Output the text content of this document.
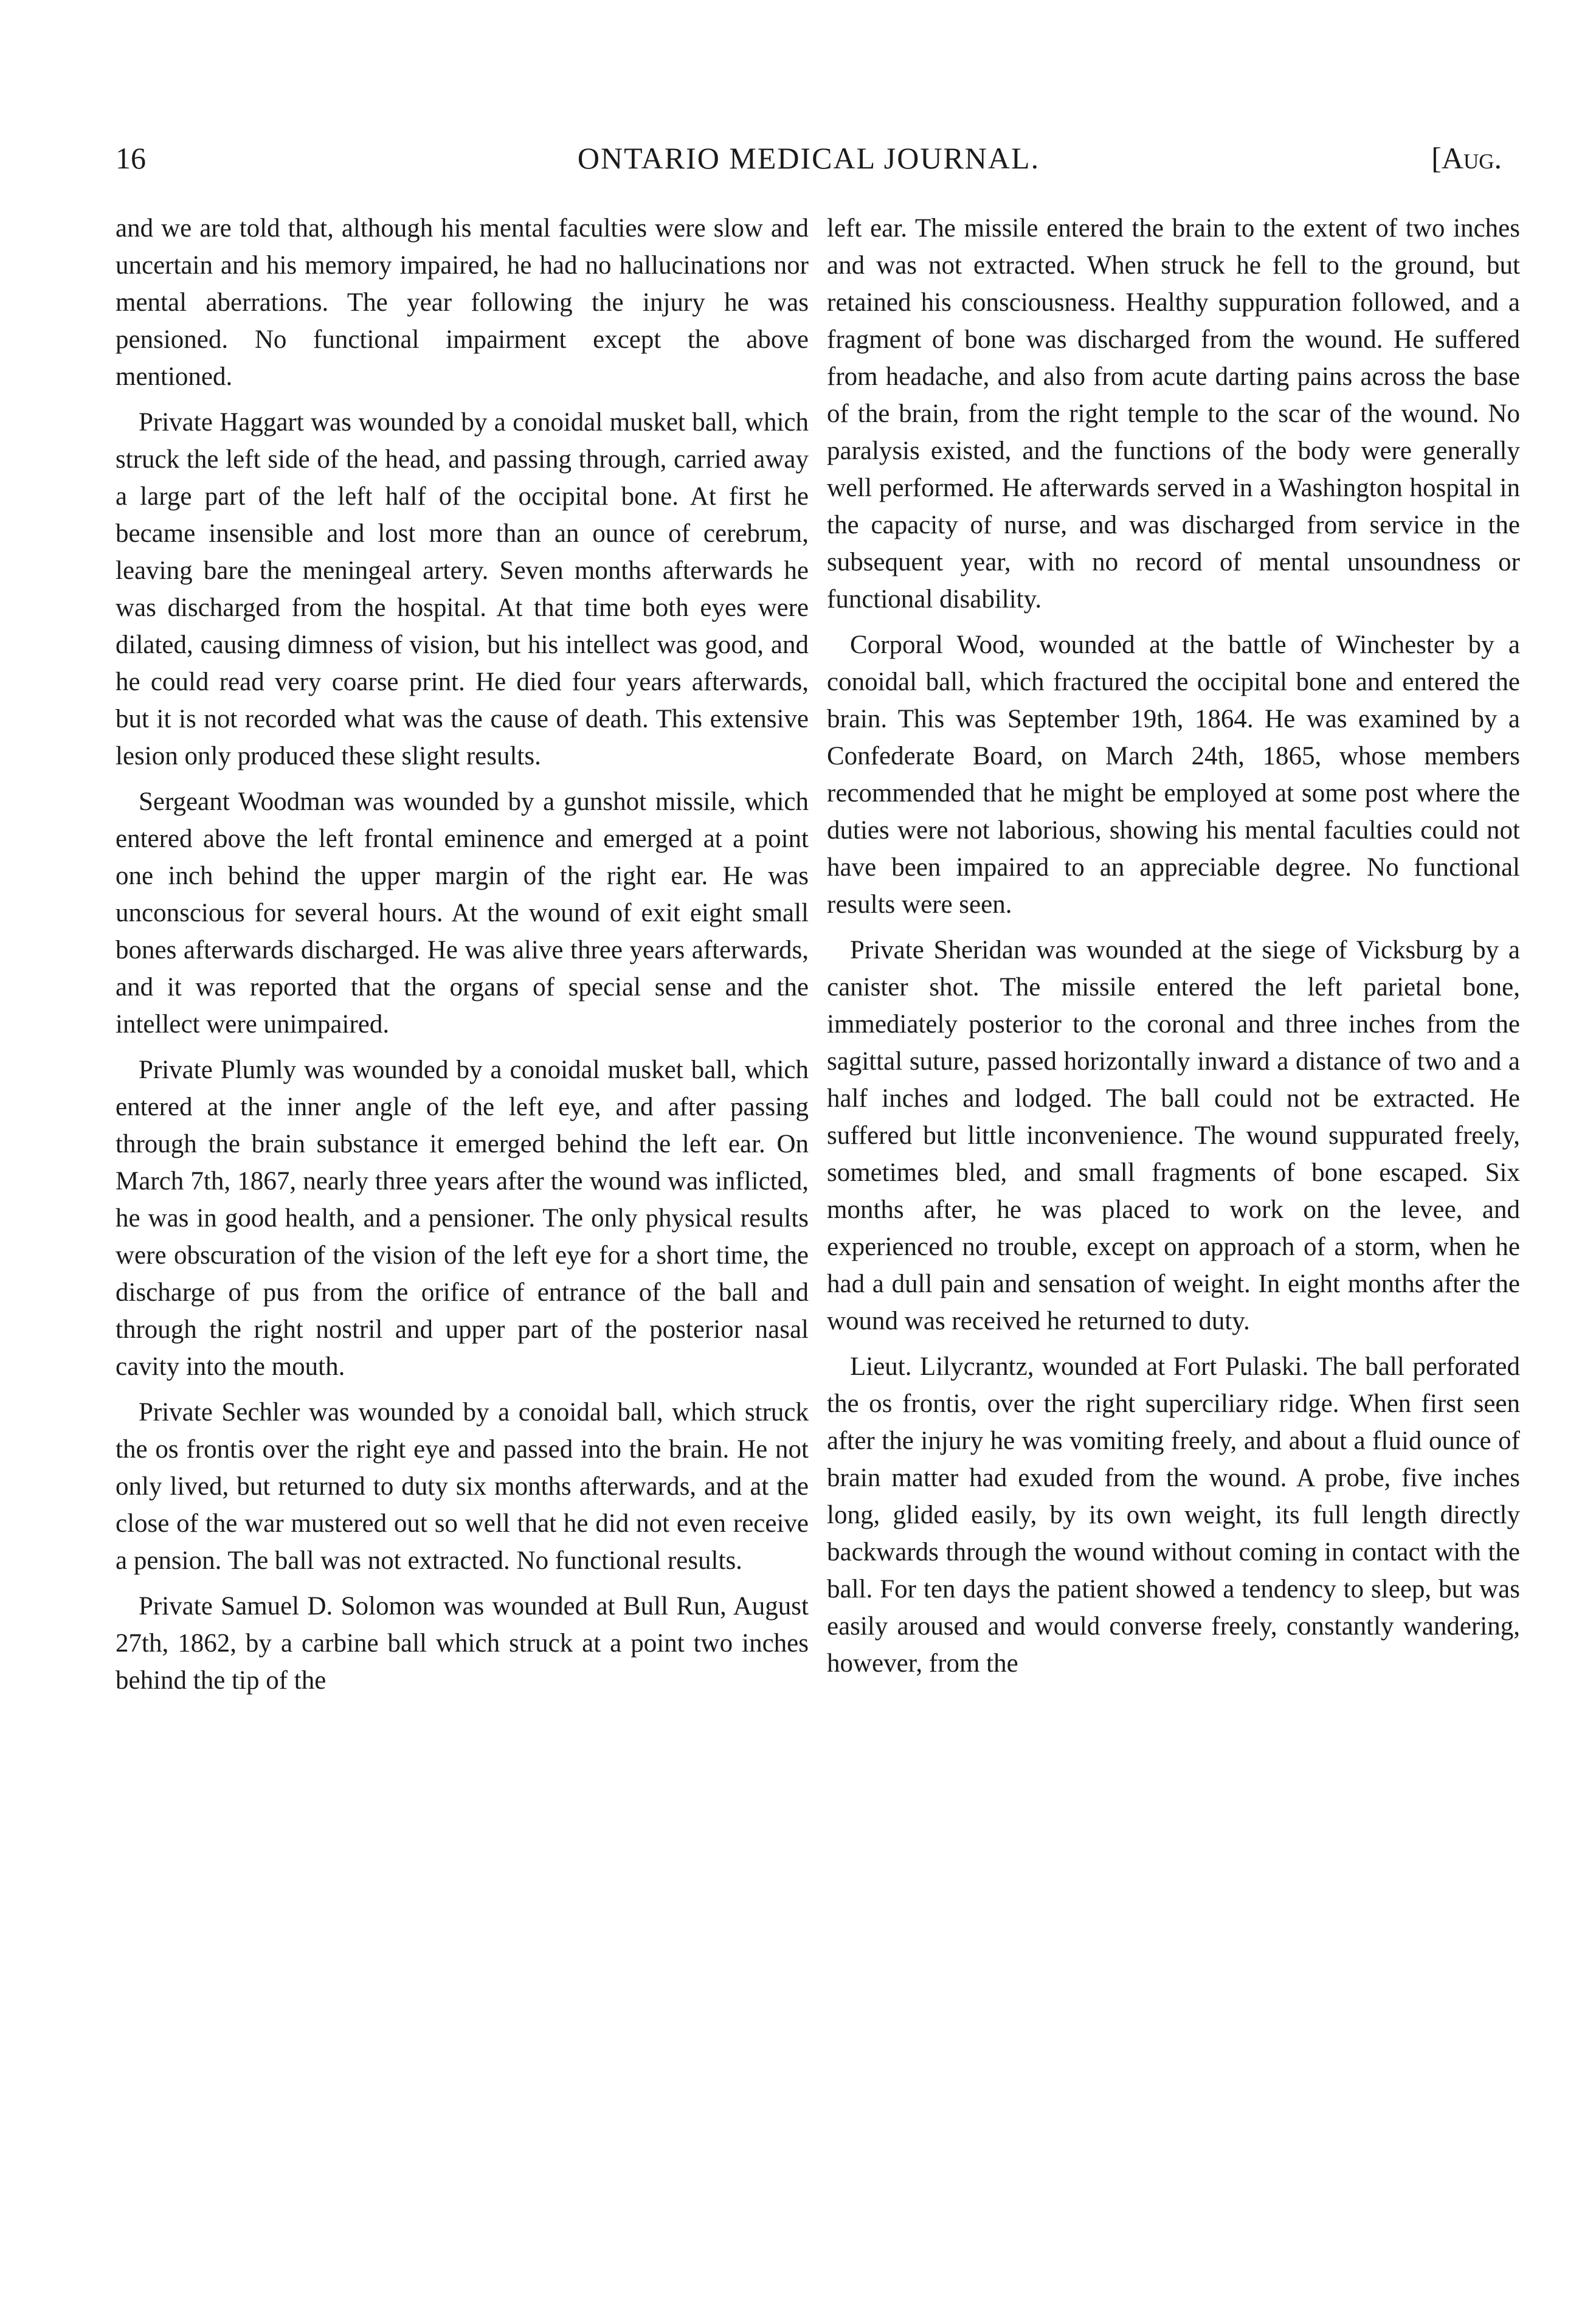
16	ONTARIO MEDICAL JOURNAL.	[Aug.

and we are told that, although his mental faculties were slow and uncertain and his memory impaired, he had no hallucinations nor mental aberrations. The year following the injury he was pensioned. No functional impairment except the above mentioned.

Private Haggart was wounded by a conoidal musket ball, which struck the left side of the head, and passing through, carried away a large part of the left half of the occipital bone. At first he became insensible and lost more than an ounce of cerebrum, leaving bare the meningeal artery. Seven months afterwards he was discharged from the hospital. At that time both eyes were dilated, causing dimness of vision, but his intellect was good, and he could read very coarse print. He died four years afterwards, but it is not recorded what was the cause of death. This extensive lesion only produced these slight results.

Sergeant Woodman was wounded by a gunshot missile, which entered above the left frontal eminence and emerged at a point one inch behind the upper margin of the right ear. He was unconscious for several hours. At the wound of exit eight small bones afterwards discharged. He was alive three years afterwards, and it was reported that the organs of special sense and the intellect were unimpaired.

Private Plumly was wounded by a conoidal musket ball, which entered at the inner angle of the left eye, and after passing through the brain substance it emerged behind the left ear. On March 7th, 1867, nearly three years after the wound was inflicted, he was in good health, and a pensioner. The only physical results were obscuration of the vision of the left eye for a short time, the discharge of pus from the orifice of entrance of the ball and through the right nostril and upper part of the posterior nasal cavity into the mouth.

Private Sechler was wounded by a conoidal ball, which struck the os frontis over the right eye and passed into the brain. He not only lived, but returned to duty six months afterwards, and at the close of the war mustered out so well that he did not even receive a pension. The ball was not extracted. No functional results.

Private Samuel D. Solomon was wounded at Bull Run, August 27th, 1862, by a carbine ball which struck at a point two inches behind the tip of the

left ear. The missile entered the brain to the extent of two inches and was not extracted. When struck he fell to the ground, but retained his consciousness. Healthy suppuration followed, and a fragment of bone was discharged from the wound. He suffered from headache, and also from acute darting pains across the base of the brain, from the right temple to the scar of the wound. No paralysis existed, and the functions of the body were generally well performed. He afterwards served in a Washington hospital in the capacity of nurse, and was discharged from service in the subsequent year, with no record of mental unsoundness or functional disability.

Corporal Wood, wounded at the battle of Winchester by a conoidal ball, which fractured the occipital bone and entered the brain. This was September 19th, 1864. He was examined by a Confederate Board, on March 24th, 1865, whose members recommended that he might be employed at some post where the duties were not laborious, showing his mental faculties could not have been impaired to an appreciable degree. No functional results were seen.

Private Sheridan was wounded at the siege of Vicksburg by a canister shot. The missile entered the left parietal bone, immediately posterior to the coronal and three inches from the sagittal suture, passed horizontally inward a distance of two and a half inches and lodged. The ball could not be extracted. He suffered but little inconvenience. The wound suppurated freely, sometimes bled, and small fragments of bone escaped. Six months after, he was placed to work on the levee, and experienced no trouble, except on approach of a storm, when he had a dull pain and sensation of weight. In eight months after the wound was received he returned to duty.

Lieut. Lilycrantz, wounded at Fort Pulaski. The ball perforated the os frontis, over the right superciliary ridge. When first seen after the injury he was vomiting freely, and about a fluid ounce of brain matter had exuded from the wound. A probe, five inches long, glided easily, by its own weight, its full length directly backwards through the wound without coming in contact with the ball. For ten days the patient showed a tendency to sleep, but was easily aroused and would converse freely, constantly wandering, however, from the
